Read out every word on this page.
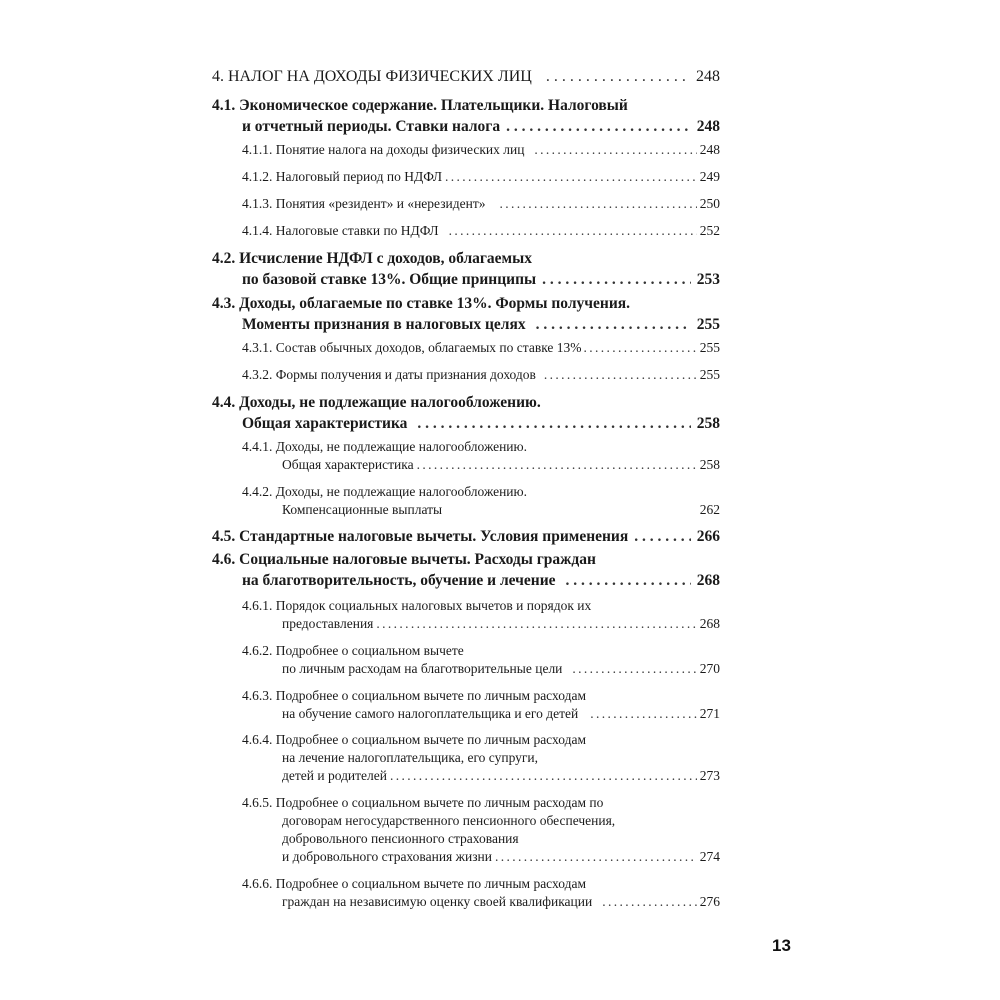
4. НАЛОГ НА ДОХОДЫ ФИЗИЧЕСКИХ ЛИЦ . . .	248
4.1. Экономическое содержание. Плательщики. Налоговый
и отчетный периоды. Ставки налога . . .	248
4.1.1. Понятие налога на доходы физических лиц . . .	248
4.1.2. Налоговый период по НДФЛ . . .	249
4.1.3. Понятия «резидент» и «нерезидент» . . .	250
4.1.4. Налоговые ставки по НДФЛ . . .	252
4.2. Исчисление НДФЛ с доходов, облагаемых
по базовой ставке 13%. Общие принципы . . .	253
4.3. Доходы, облагаемые по ставке 13%. Формы получения.
Моменты признания в налоговых целях . . .	255
4.3.1. Состав обычных доходов, облагаемых по ставке 13% . . .	255
4.3.2. Формы получения и даты признания доходов . . .	255
4.4. Доходы, не подлежащие налогообложению.
Общая характеристика . . .	258
4.4.1. Доходы, не подлежащие налогообложению.
Общая характеристика . . .	258
4.4.2. Доходы, не подлежащие налогообложению.
Компенсационные выплаты	262
4.5. Стандартные налоговые вычеты. Условия применения . . .	266
4.6. Социальные налоговые вычеты. Расходы граждан
на благотворительность, обучение и лечение . . .	268
4.6.1. Порядок социальных налоговых вычетов и порядок их
предоставления . . .	268
4.6.2. Подробнее о социальном вычете
по личным расходам на благотворительные цели . . .	270
4.6.3. Подробнее о социальном вычете по личным расходам
на обучение самого налогоплательщика и его детей . . .	271
4.6.4. Подробнее о социальном вычете по личным расходам
на лечение налогоплательщика, его супруги,
детей и родителей . . .	273
4.6.5. Подробнее о социальном вычете по личным расходам по
договорам негосударственного пенсионного обеспечения,
добровольного пенсионного страхования
и добровольного страхования жизни . . .	274
4.6.6. Подробнее о социальном вычете по личным расходам
граждан на независимую оценку своей квалификации . . .	276
13
